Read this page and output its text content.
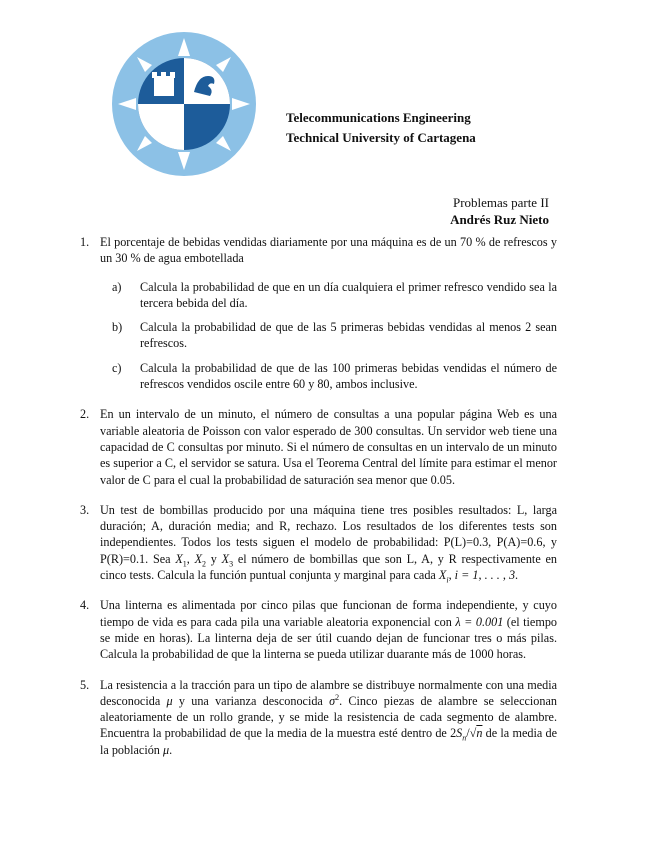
Telecommunications Engineering
Technical University of Cartagena
Problemas parte II
Andrés Ruz Nieto
1. El porcentaje de bebidas vendidas diariamente por una máquina es de un 70 % de refrescos y un 30 % de agua embotellada
a) Calcula la probabilidad de que en un día cualquiera el primer refresco vendido sea la tercera bebida del día.
b) Calcula la probabilidad de que de las 5 primeras bebidas vendidas al menos 2 sean refrescos.
c) Calcula la probabilidad de que de las 100 primeras bebidas vendidas el número de refrescos vendidos oscile entre 60 y 80, ambos inclusive.
2. En un intervalo de un minuto, el número de consultas a una popular página Web es una variable aleatoria de Poisson con valor esperado de 300 consultas. Un servidor web tiene una capacidad de C consultas por minuto. Si el número de consultas en un intervalo de un minuto es superior a C, el servidor se satura. Usa el Teorema Central del límite para estimar el menor valor de C para el cual la probabilidad de saturación sea menor que 0.05.
3. Un test de bombillas producido por una máquina tiene tres posibles resultados: L, larga duración; A, duración media; and R, rechazo. Los resultados de los diferentes tests son independientes. Todos los tests siguen el modelo de probabilidad: P(L)=0.3, P(A)=0.6, y P(R)=0.1. Sea $X_1$, $X_2$ y $X_3$ el número de bombillas que son L, A, y R respectivamente en cinco tests. Calcula la función puntual conjunta y marginal para cada $X_i$, i = 1, . . . , 3.
4. Una linterna es alimentada por cinco pilas que funcionan de forma independiente, y cuyo tiempo de vida es para cada pila una variable aleatoria exponencial con λ = 0.001 (el tiempo se mide en horas). La linterna deja de ser útil cuando dejan de funcionar tres o más pilas. Calcula la probabilidad de que la linterna se pueda utilizar duarante más de 1000 horas.
5. La resistencia a la tracción para un tipo de alambre se distribuye normalmente con una media desconocida μ y una varianza desconocida $\sigma^2$. Cinco piezas de alambre se seleccionan aleatoriamente de un rollo grande, y se mide la resistencia de cada segmento de alambre. Encuentra la probabilidad de que la media de la muestra esté dentro de $2S_n/√n$ de la media de la población μ.
